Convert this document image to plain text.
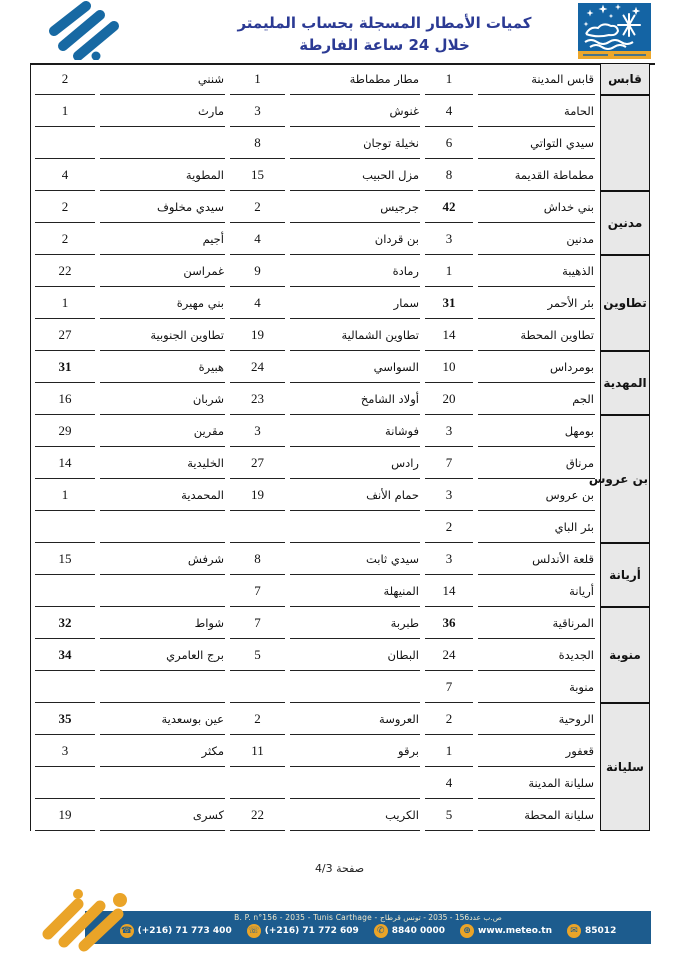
كميات الأمطار المسجلة بحساب المليمتر
خلال 24 ساعة الفارطة
قابس	قابس المدينة	1	مطار مطماطة	1	شنني	2
	الحامة	4	غنوش	3	مارث	1
	سيدي التواتي	6	نخيلة توجان	8		
	مطماطة القديمة	8	مزل الحبيب	15	المطوية	4
مدنين	بني خداش	42	جرجيس	2	سيدي مخلوف	2
	مدنين	3	بن قردان	4	أجيم	2
تطاوين	الذهيبة	1	رمادة	9	غمراسن	22
	بئر الأحمر	31	سمار	4	بني مهيرة	1
	تطاوين المحطة	14	تطاوين الشمالية	19	تطاوين الجنوبية	27
المهدية	بومرداس	10	السواسي	24	هبيرة	31
	الجم	20	أولاد الشامخ	23	شربان	16
بن عروس	بومهل	3	فوشانة	3	مقرين	29
	مرناق	7	رادس	27	الخليدية	14
	بن عروس	3	حمام الأنف	19	المحمدية	1
	بئر الباي	2				
أريانة	قلعة الأندلس	3	سيدي ثابت	8	شرفش	15
	أريانة	14	المنيهلة	7		
منوبة	المرناقية	36	طبربة	7	شواط	32
	الجديدة	24	البطان	5	برج العامري	34
	منوبة	7				
سليانة	الروحية	2	العروسة	2	عين بوسعدية	35
	قعفور	1	برقو	11	مكثر	3
	سليانة المدينة	4				
	سليانة المحطة	5	الكريب	22	كسرى	19
صفحة 4/3
B. P. n°156 - 2035 - Tunis Carthage - ص.ب عدد156 - 2035 - تونس قرطاج
☎ (+216) 71 773 400 ☏ (+216) 71 772 609	✆ 8840 0000	⊕ www.meteo.tn	✉ 85012
